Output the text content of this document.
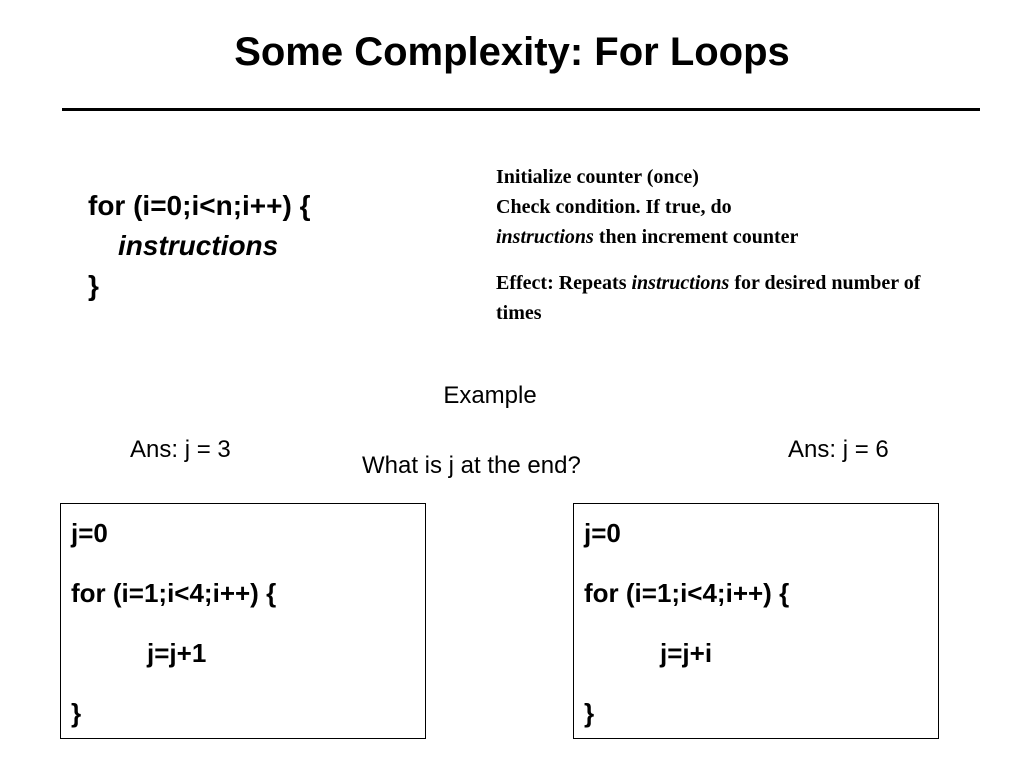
Some Complexity: For Loops
for (i=0;i<n;i++) {
instructions
}

Initialize counter (once)

Check condition. If true, do

instructions then increment counter

Effect: Repeats instructions for desired number of times

Example
Ans: j = 3	Ans: j = 6
What is j at the end?
j=0
for (i=1;i<4;i++) {
j=j+1
}
j=0
for (i=1;i<4;i++) {
j=j+i
}
